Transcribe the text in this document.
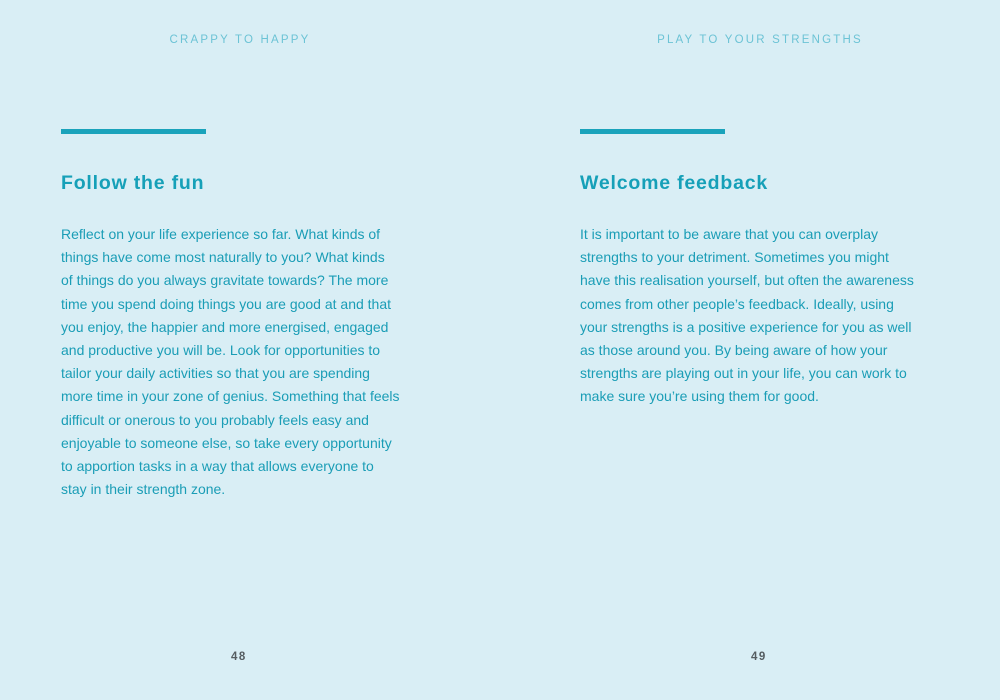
CRAPPY TO HAPPY
Follow the fun

Reflect on your life experience so far. What kinds of
things have come most naturally to you? What kinds
of things do you always gravitate towards? The more
time you spend doing things you are good at and that
you enjoy, the happier and more energised, engaged
and productive you will be. Look for opportunities to
tailor your daily activities so that you are spending
more time in your zone of genius. Something that feels
difficult or onerous to you probably feels easy and
enjoyable to someone else, so take every opportunity
to apportion tasks in a way that allows everyone to
stay in their strength zone.

48
PLAY TO YOUR STRENGTHS
Welcome feedback

It is important to be aware that you can overplay
strengths to your detriment. Sometimes you might
have this realisation yourself, but often the awareness
comes from other people’s feedback. Ideally, using
your strengths is a positive experience for you as well
as those around you. By being aware of how your
strengths are playing out in your life, you can work to
make sure you’re using them for good.

49
